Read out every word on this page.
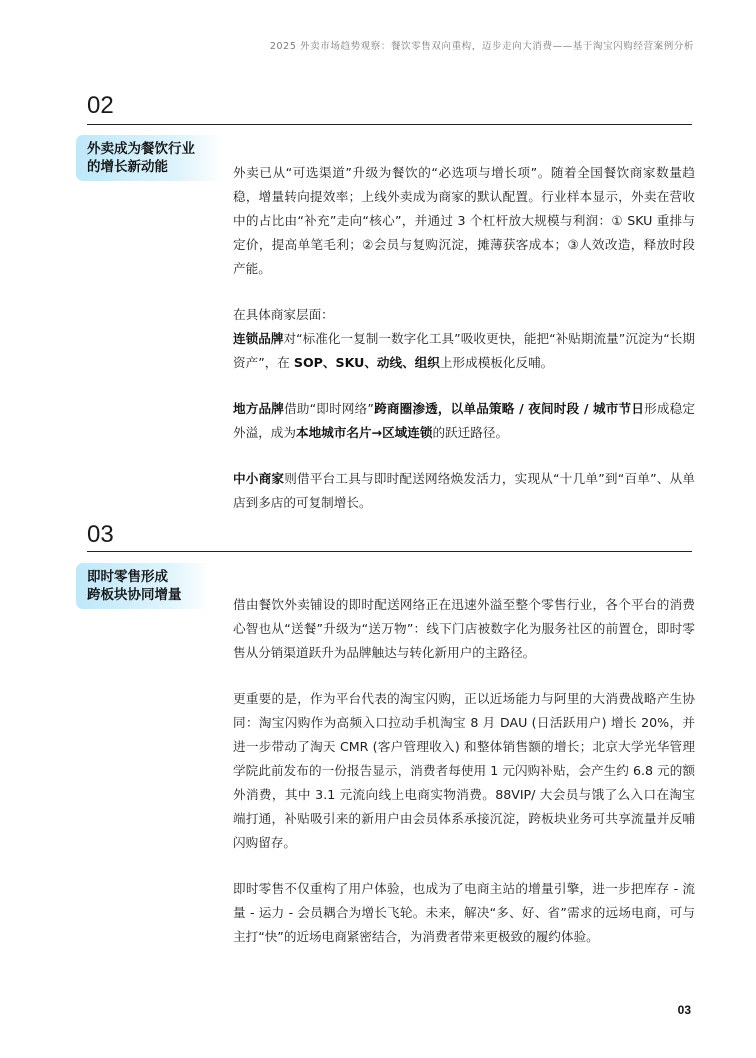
2025 外卖市场趋势观察：餐饮零售双向重构，迈步走向大消费——基于淘宝闪购经营案例分析
02
外卖成为餐饮行业
的增长新动能	外卖已从“可选渠道”升级为餐饮的“必选项与增长项”。随着全国餐饮商家数量趋稳，增量转向提效率；上线外卖成为商家的默认配置。行业样本显示，外卖在营收中的占比由“补充”走向“核心”，并通过 3 个杠杆放大规模与利润：① SKU 重排与定价，提高单笔毛利；②会员与复购沉淀，摊薄获客成本；③人效改造，释放时段产能。

在具体商家层面：

连锁品牌对“标准化一复制一数字化工具”吸收更快，能把“补贴期流量”沉淀为“长期资产”，在 SOP、SKU、动线、组织上形成模板化反哺。

地方品牌借助“即时网络”跨商圈渗透，以单品策略 / 夜间时段 / 城市节日形成稳定外溢，成为本地城市名片→区域连锁的跃迁路径。

中小商家则借平台工具与即时配送网络焕发活力，实现从“十几单”到“百单”、从单店到多店的可复制增长。

03
即时零售形成
跨板块协同增量

借由餐饮外卖铺设的即时配送网络正在迅速外溢至整个零售行业，各个平台的消费心智也从“送餐”升级为“送万物”：线下门店被数字化为服务社区的前置仓，即时零售从分销渠道跃升为品牌触达与转化新用户的主路径。

更重要的是，作为平台代表的淘宝闪购，正以近场能力与阿里的大消费战略产生协同：淘宝闪购作为高频入口拉动手机淘宝 8 月 DAU (日活跃用户) 增长 20%，并进一步带动了淘天 CMR (客户管理收入) 和整体销售额的增长；北京大学光华管理学院此前发布的一份报告显示，消费者每使用 1 元闪购补贴，会产生约 6.8 元的额外消费，其中 3.1 元流向线上电商实物消费。88VIP/ 大会员与饿了么入口在淘宝端打通，补贴吸引来的新用户由会员体系承接沉淀，跨板块业务可共享流量并反哺闪购留存。

即时零售不仅重构了用户体验，也成为了电商主站的增量引擎，进一步把库存 - 流量 - 运力 - 会员耦合为增长飞轮。未来，解决“多、好、省”需求的远场电商，可与主打“快”的近场电商紧密结合，为消费者带来更极致的履约体验。

03
